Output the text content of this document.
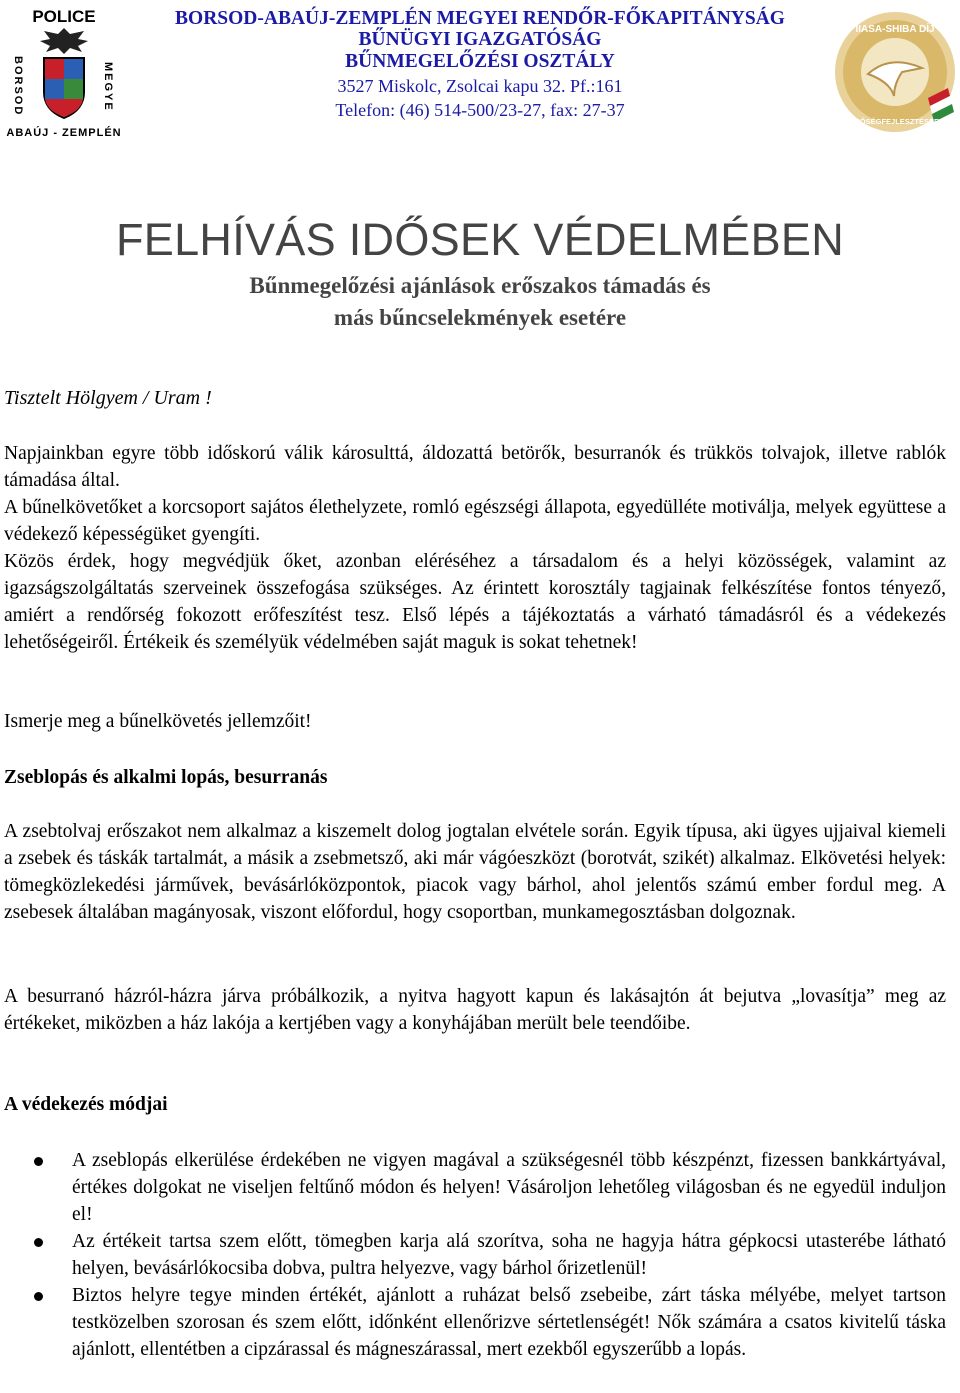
POLICE
BORSOD	MEGYE
ABAÚJ - ZEMPLÉN
BORSOD-ABAÚJ-ZEMPLÉN MEGYEI RENDŐR-FŐKAPITÁNYSÁG
BŰNÜGYI IGAZGATÓSÁG
BŰNMEGELŐZÉSI OSZTÁLY
3527 Miskolc, Zsolcai kapu 32. Pf.:161
Telefon: (46) 514-500/23-27, fax: 27-37
IIASA-SHIBA DÍJ
MINŐSÉGFEJLESZTÉSÉRT
FELHÍVÁS IDŐSEK VÉDELMÉBEN
Bűnmegelőzési ajánlások erőszakos támadás és
más bűncselekmények esetére
Tisztelt Hölgyem / Uram !

Napjainkban egyre több időskorú válik károsulttá, áldozattá betörők, besurranók és trükkös tolvajok, illetve rablók támadása által.

A bűnelkövetőket a korcsoport sajátos élethelyzete, romló egészségi állapota, egyedülléte motiválja, melyek együttese a védekező képességüket gyengíti.

Közös érdek, hogy megvédjük őket, azonban eléréséhez a társadalom és a helyi közösségek, valamint az igazságszolgáltatás szerveinek összefogása szükséges. Az érintett korosztály tagjainak felkészítése fontos tényező, amiért a rendőrség fokozott erőfeszítést tesz. Első lépés a tájékoztatás a várható támadásról és a védekezés lehetőségeiről. Értékeik és személyük védelmében saját maguk is sokat tehetnek!

Ismerje meg a bűnelkövetés jellemzőit!
Zseblopás és alkalmi lopás, besurranás
A zsebtolvaj erőszakot nem alkalmaz a kiszemelt dolog jogtalan elvétele során. Egyik típusa, aki ügyes ujjaival kiemeli a zsebek és táskák tartalmát, a másik a zsebmetsző, aki már vágóeszközt (borotvát, szikét) alkalmaz. Elkövetési helyek: tömegközlekedési járművek, bevásárlóközpontok, piacok vagy bárhol, ahol jelentős számú ember fordul meg. A zsebesek általában magányosak, viszont előfordul, hogy csoportban, munkamegosztásban dolgoznak.
A besurranó házról-házra járva próbálkozik, a nyitva hagyott kapun és lakásajtón át bejutva „lovasítja” meg az értékeket, miközben a ház lakója a kertjében vagy a konyhájában merült bele teendőibe.
A védekezés módjai
A zseblopás elkerülése érdekében ne vigyen magával a szükségesnél több készpénzt, fizessen bankkártyával, értékes dolgokat ne viseljen feltűnő módon és helyen! Vásároljon lehetőleg világosban és ne egyedül induljon el!
Az értékeit tartsa szem előtt, tömegben karja alá szorítva, soha ne hagyja hátra gépkocsi utasterébe látható helyen, bevásárlókocsiba dobva, pultra helyezve, vagy bárhol őrizetlenül!
Biztos helyre tegye minden értékét, ajánlott a ruházat belső zsebeibe, zárt táska mélyébe, melyet tartson testközelben szorosan és szem előtt, időnként ellenőrizve sértetlenségét! Nők számára a csatos kivitelű táska ajánlott, ellentétben a cipzárassal és mágneszárassal, mert ezekből egyszerűbb a lopás.
